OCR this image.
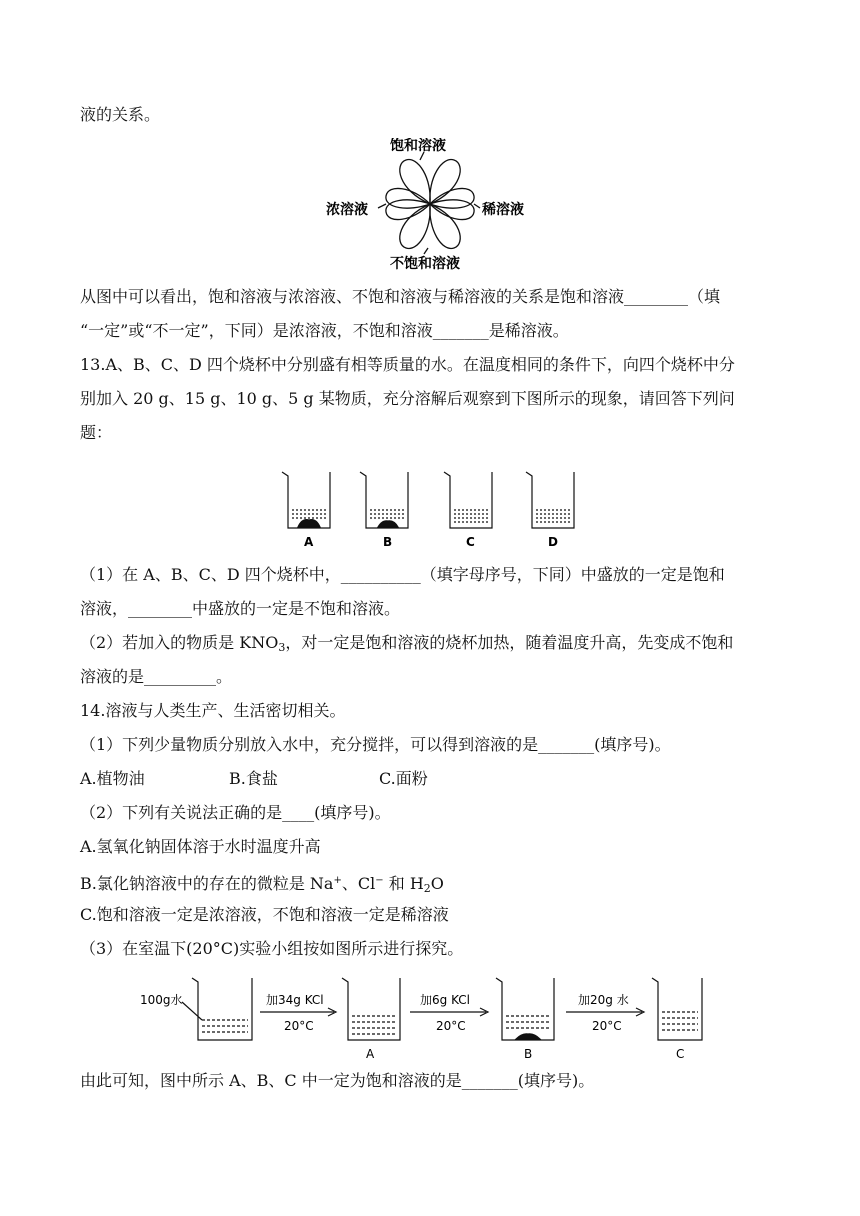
液的关系。
饱和溶液
浓溶液	稀溶液
不饱和溶液
从图中可以看出，饱和溶液与浓溶液、不饱和溶液与稀溶液的关系是饱和溶液________（填
“一定”或“不一定”，下同）是浓溶液，不饱和溶液_______是稀溶液。
13.A、B、C、D 四个烧杯中分别盛有相等质量的水。在温度相同的条件下，向四个烧杯中分
别加入 20 g、15 g、10 g、5 g 某物质，充分溶解后观察到下图所示的现象，请回答下列问
题：
A	B	C	D
（1）在 A、B、C、D 四个烧杯中，__________（填字母序号，下同）中盛放的一定是饱和
溶液，________中盛放的一定是不饱和溶液。
（2）若加入的物质是 $KNO_3$，对一定是饱和溶液的烧杯加热，随着温度升高，先变成不饱和
溶液的是_________。
14.溶液与人类生产、生活密切相关。
（1）下列少量物质分别放入水中，充分搅拌，可以得到溶液的是_______(填序号)。
A.植物油	B.食盐	C.面粉
（2）下列有关说法正确的是____(填序号)。
A.氢氧化钠固体溶于水时温度升高
B.氯化钠溶液中的存在的微粒是 Na+、Cl− 和 $H_2O$
C.饱和溶液一定是浓溶液，不饱和溶液一定是稀溶液
（3）在室温下(20°C)实验小组按如图所示进行探究。
100g水	加34g KCl
20°C
加6g KCl
20°C
加20g 水
20°C
A	B	C
由此可知，图中所示 A、B、C 中一定为饱和溶液的是_______(填序号)。
